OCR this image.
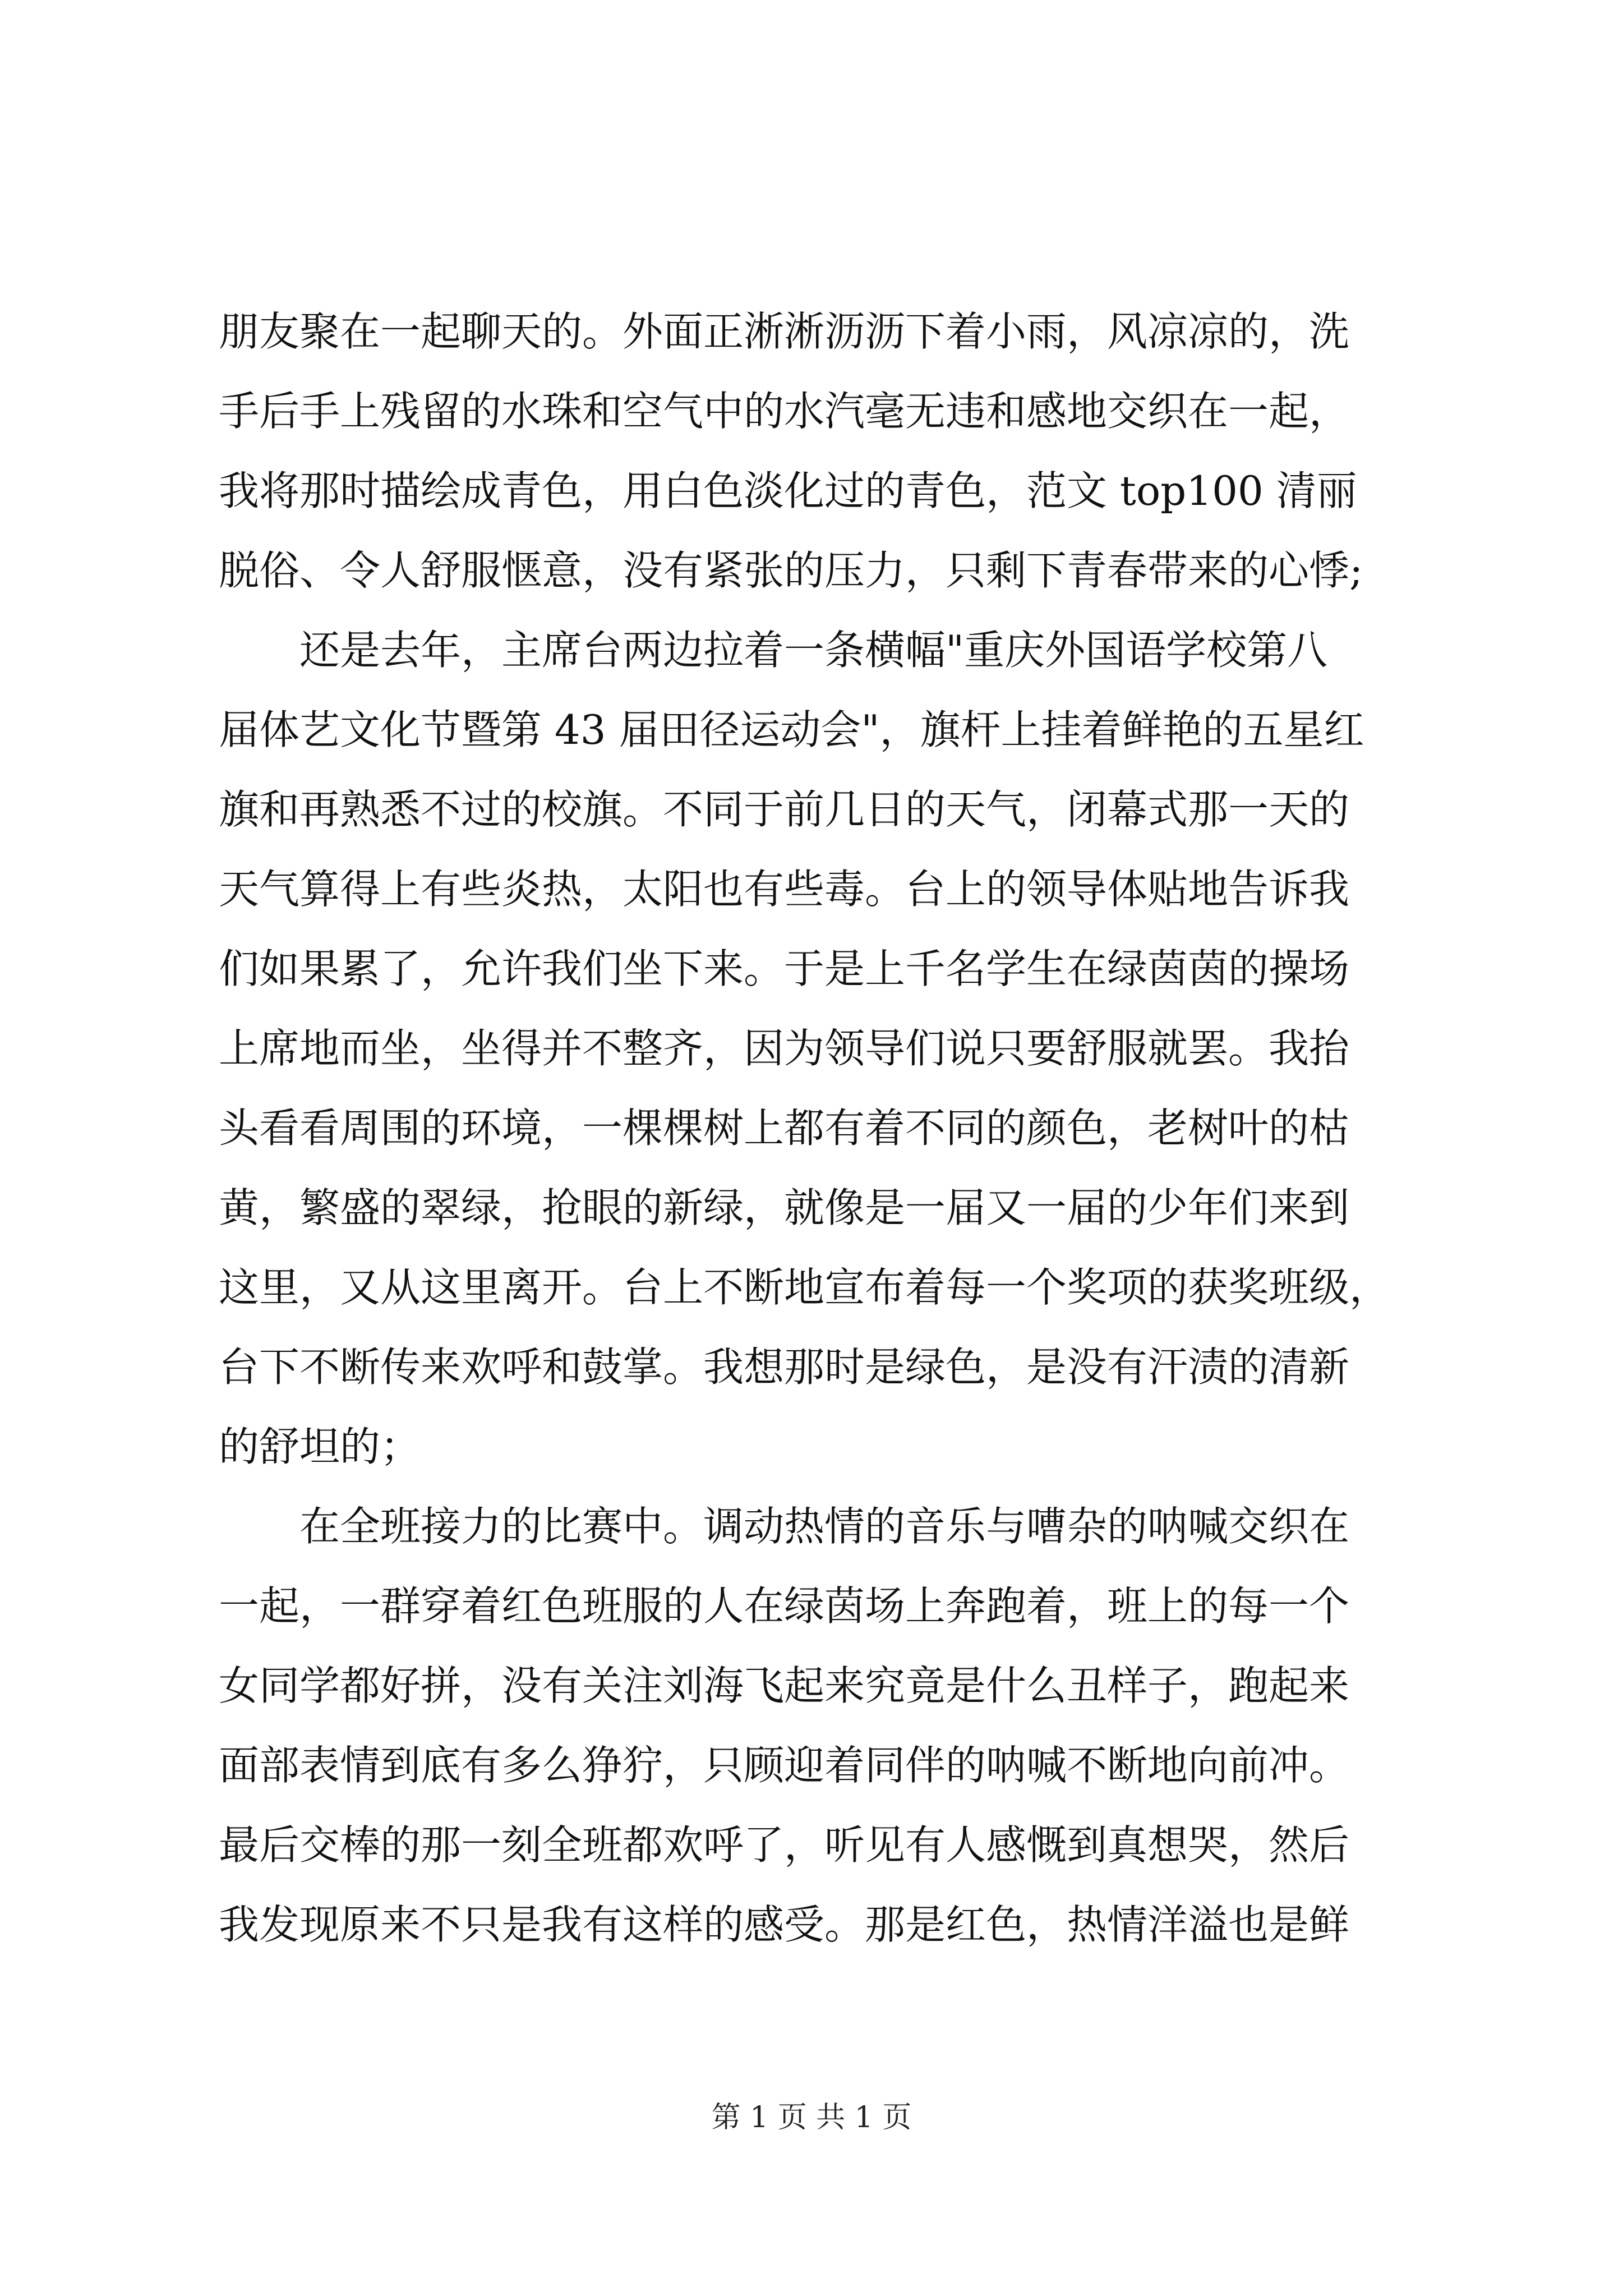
朋友聚在一起聊天的。外面正淅淅沥沥下着小雨，风凉凉的，洗
手后手上残留的水珠和空气中的水汽毫无违和感地交织在一起，
我将那时描绘成青色，用白色淡化过的青色，范文 top100 清丽
脱俗、令人舒服惬意，没有紧张的压力，只剩下青春带来的心悸;
　　还是去年，主席台两边拉着一条横幅"重庆外国语学校第八
届体艺文化节暨第 43 届田径运动会"，旗杆上挂着鲜艳的五星红
旗和再熟悉不过的校旗。不同于前几日的天气，闭幕式那一天的
天气算得上有些炎热，太阳也有些毒。台上的领导体贴地告诉我
们如果累了，允许我们坐下来。于是上千名学生在绿茵茵的操场
上席地而坐，坐得并不整齐，因为领导们说只要舒服就罢。我抬
头看看周围的环境，一棵棵树上都有着不同的颜色，老树叶的枯
黄，繁盛的翠绿，抢眼的新绿，就像是一届又一届的少年们来到
这里，又从这里离开。台上不断地宣布着每一个奖项的获奖班级，
台下不断传来欢呼和鼓掌。我想那时是绿色，是没有汗渍的清新
的舒坦的；
　　在全班接力的比赛中。调动热情的音乐与嘈杂的呐喊交织在
一起，一群穿着红色班服的人在绿茵场上奔跑着，班上的每一个
女同学都好拼，没有关注刘海飞起来究竟是什么丑样子，跑起来
面部表情到底有多么狰狞，只顾迎着同伴的呐喊不断地向前冲。
最后交棒的那一刻全班都欢呼了，听见有人感慨到真想哭，然后
我发现原来不只是我有这样的感受。那是红色，热情洋溢也是鲜
第 1 页 共 1 页
